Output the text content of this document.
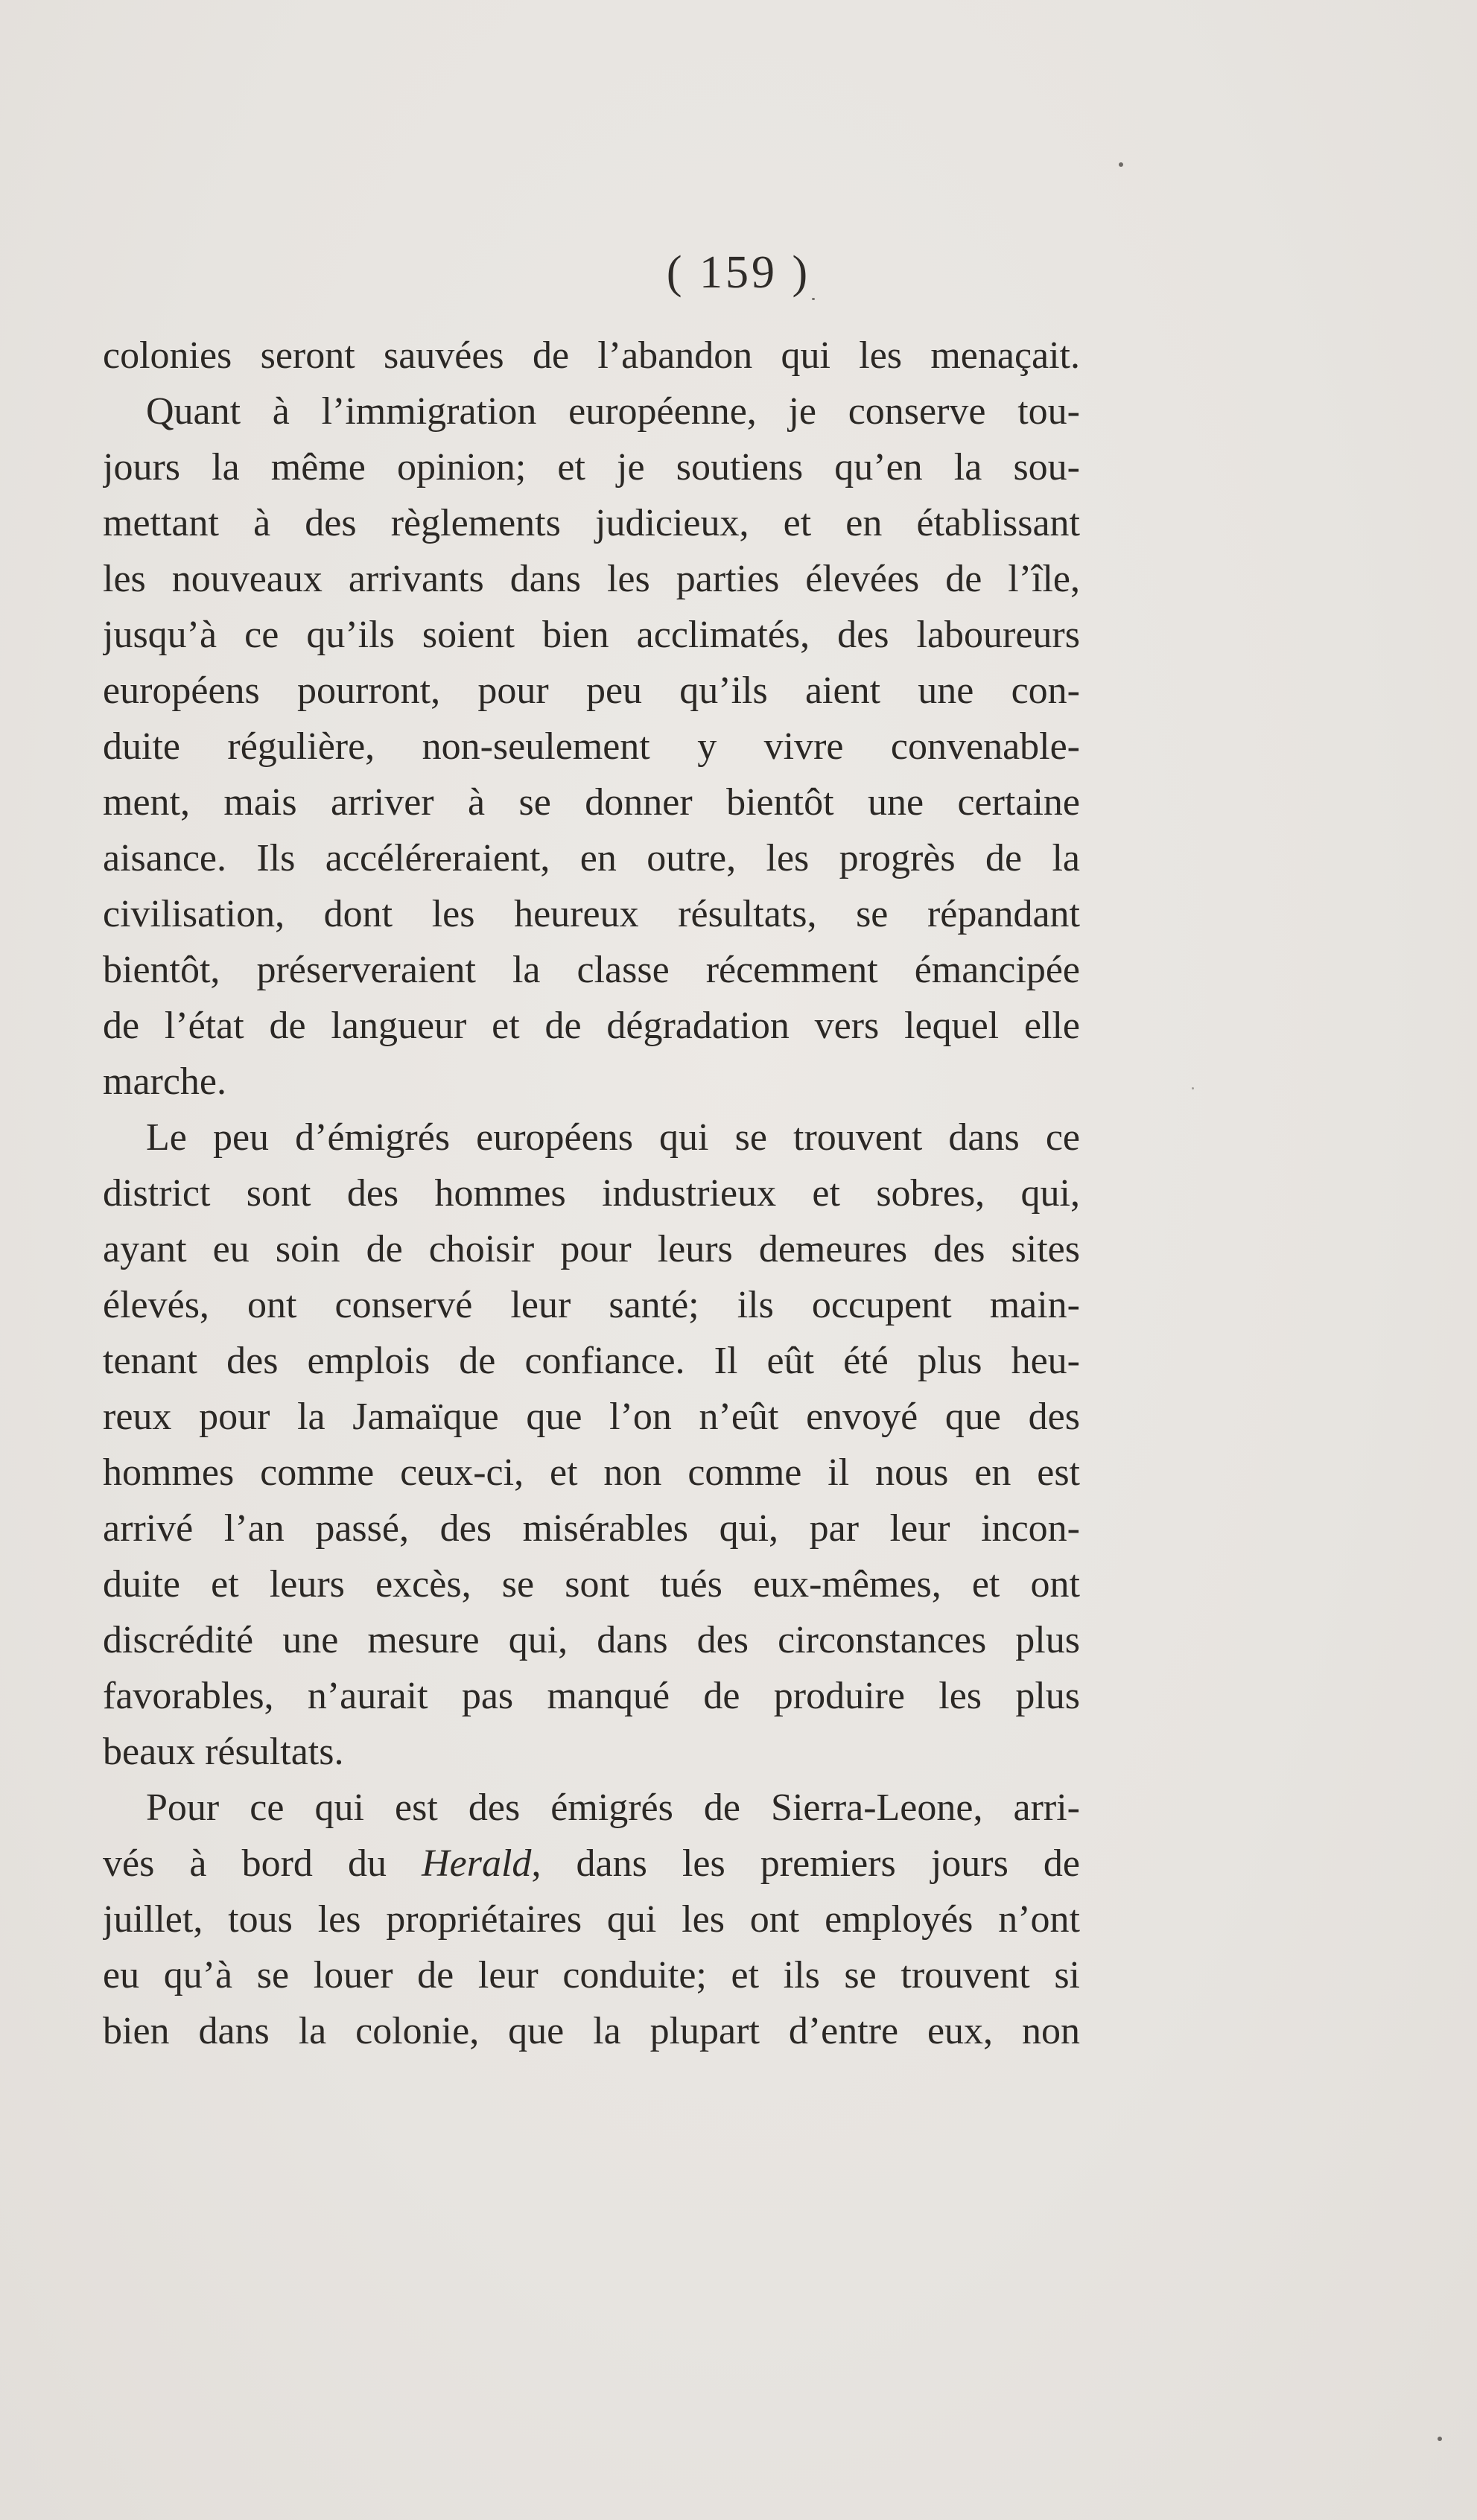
( 159 )
colonies seront sauvées de l’abandon qui les menaçait.
Quant à l’immigration européenne, je conserve tou-
jours la même opinion; et je soutiens qu’en la sou-
mettant à des règlements judicieux, et en établissant
les nouveaux arrivants dans les parties élevées de l’île,
jusqu’à ce qu’ils soient bien acclimatés, des laboureurs
européens pourront, pour peu qu’ils aient une con-
duite régulière, non-seulement y vivre convenable-
ment, mais arriver à se donner bientôt une certaine
aisance. Ils accéléreraient, en outre, les progrès de la
civilisation, dont les heureux résultats, se répandant
bientôt, préserveraient la classe récemment émancipée
de l’état de langueur et de dégradation vers lequel elle
marche.
Le peu d’émigrés européens qui se trouvent dans ce
district sont des hommes industrieux et sobres, qui,
ayant eu soin de choisir pour leurs demeures des sites
élevés, ont conservé leur santé; ils occupent main-
tenant des emplois de confiance. Il eût été plus heu-
reux pour la Jamaïque que l’on n’eût envoyé que des
hommes comme ceux-ci, et non comme il nous en est
arrivé l’an passé, des misérables qui, par leur incon-
duite et leurs excès, se sont tués eux-mêmes, et ont
discrédité une mesure qui, dans des circonstances plus
favorables, n’aurait pas manqué de produire les plus
beaux résultats.
Pour ce qui est des émigrés de Sierra-Leone, arri-
vés à bord du Herald, dans les premiers jours de
juillet, tous les propriétaires qui les ont employés n’ont
eu qu’à se louer de leur conduite; et ils se trouvent si
bien dans la colonie, que la plupart d’entre eux, non
